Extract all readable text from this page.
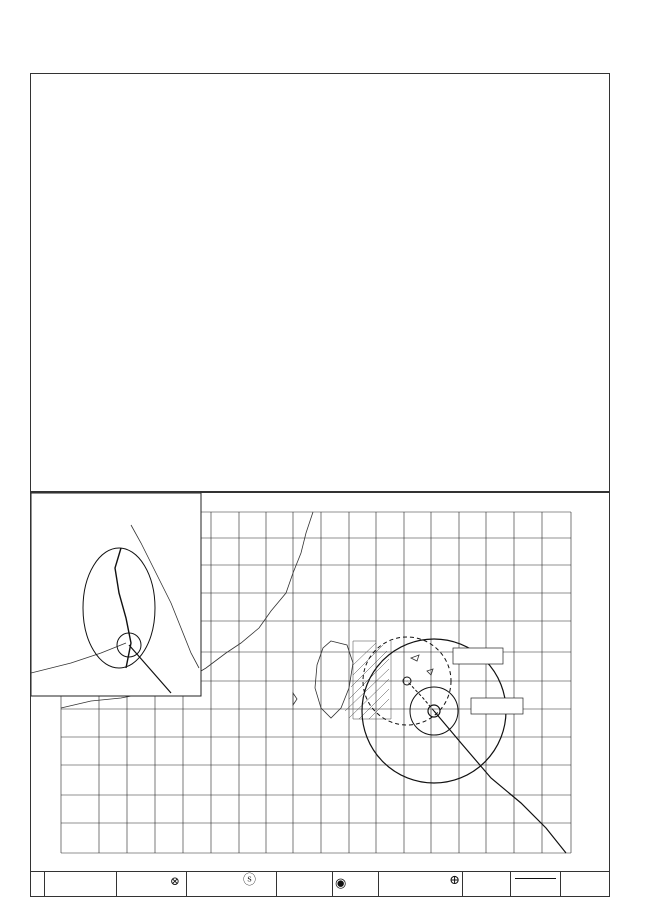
⊗	ⓢ	◉	⊕
